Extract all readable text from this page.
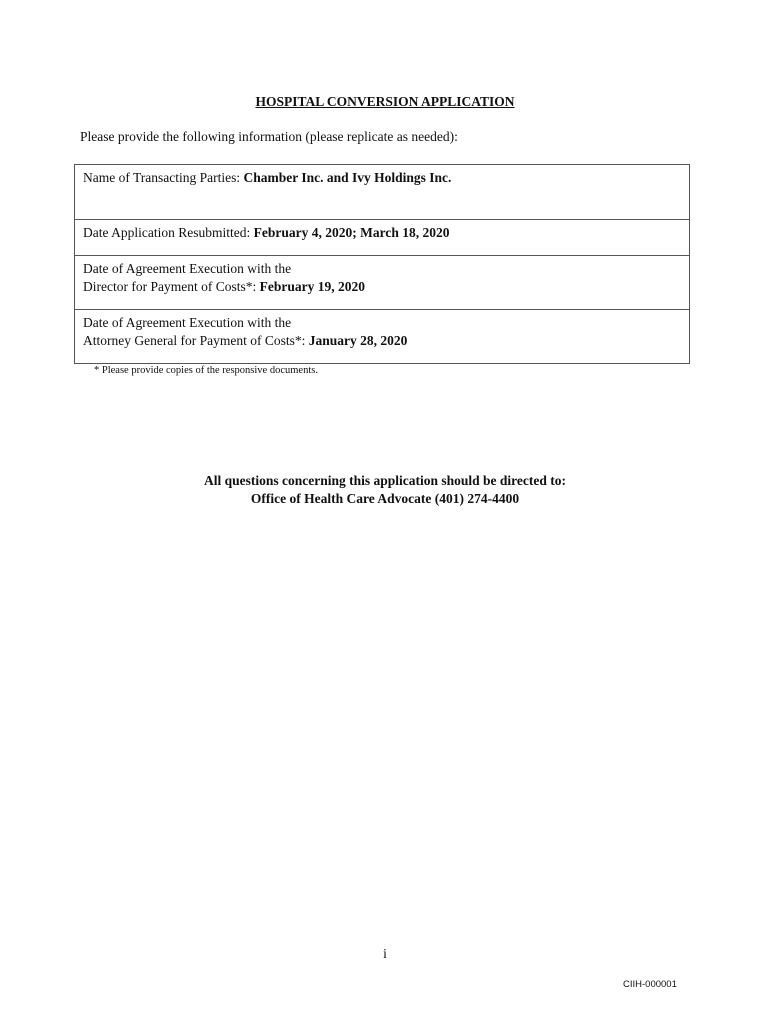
HOSPITAL CONVERSION APPLICATION
Please provide the following information (please replicate as needed):
Name of Transacting Parties: Chamber Inc. and Ivy Holdings Inc.
Date Application Resubmitted: February 4, 2020; March 18, 2020

Date of Agreement Execution with the
Director for Payment of Costs*: February 19, 2020

Date of Agreement Execution with the
Attorney General for Payment of Costs*: January 28, 2020
* Please provide copies of the responsive documents.
All questions concerning this application should be directed to:
Office of Health Care Advocate (401) 274-4400
i
CIIH-000001
